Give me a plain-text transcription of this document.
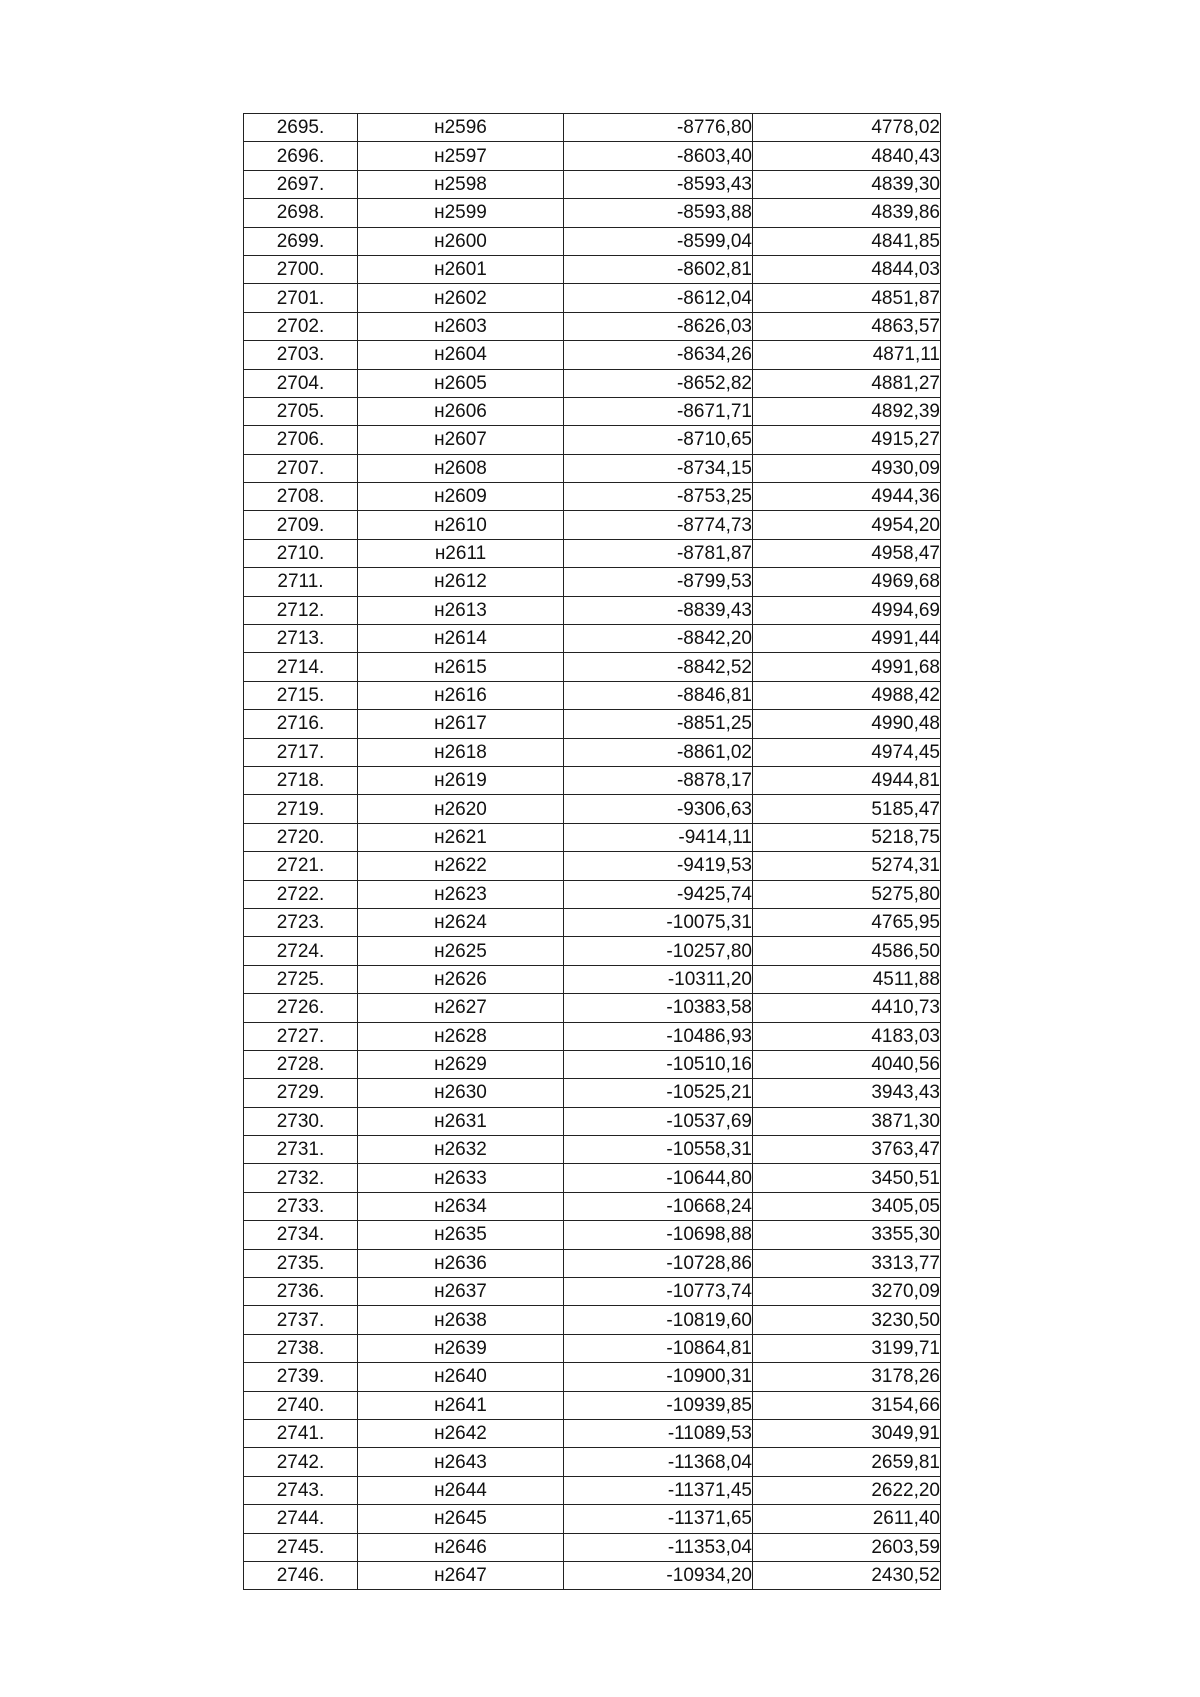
2695.	н2596	-8776,80	4778,02
2696.	н2597	-8603,40	4840,43
2697.	н2598	-8593,43	4839,30
2698.	н2599	-8593,88	4839,86
2699.	н2600	-8599,04	4841,85
2700.	н2601	-8602,81	4844,03
2701.	н2602	-8612,04	4851,87
2702.	н2603	-8626,03	4863,57
2703.	н2604	-8634,26	4871,11
2704.	н2605	-8652,82	4881,27
2705.	н2606	-8671,71	4892,39
2706.	н2607	-8710,65	4915,27
2707.	н2608	-8734,15	4930,09
2708.	н2609	-8753,25	4944,36
2709.	н2610	-8774,73	4954,20
2710.	н2611	-8781,87	4958,47
2711.	н2612	-8799,53	4969,68
2712.	н2613	-8839,43	4994,69
2713.	н2614	-8842,20	4991,44
2714.	н2615	-8842,52	4991,68
2715.	н2616	-8846,81	4988,42
2716.	н2617	-8851,25	4990,48
2717.	н2618	-8861,02	4974,45
2718.	н2619	-8878,17	4944,81
2719.	н2620	-9306,63	5185,47
2720.	н2621	-9414,11	5218,75
2721.	н2622	-9419,53	5274,31
2722.	н2623	-9425,74	5275,80
2723.	н2624	-10075,31	4765,95
2724.	н2625	-10257,80	4586,50
2725.	н2626	-10311,20	4511,88
2726.	н2627	-10383,58	4410,73
2727.	н2628	-10486,93	4183,03
2728.	н2629	-10510,16	4040,56
2729.	н2630	-10525,21	3943,43
2730.	н2631	-10537,69	3871,30
2731.	н2632	-10558,31	3763,47
2732.	н2633	-10644,80	3450,51
2733.	н2634	-10668,24	3405,05
2734.	н2635	-10698,88	3355,30
2735.	н2636	-10728,86	3313,77
2736.	н2637	-10773,74	3270,09
2737.	н2638	-10819,60	3230,50
2738.	н2639	-10864,81	3199,71
2739.	н2640	-10900,31	3178,26
2740.	н2641	-10939,85	3154,66
2741.	н2642	-11089,53	3049,91
2742.	н2643	-11368,04	2659,81
2743.	н2644	-11371,45	2622,20
2744.	н2645	-11371,65	2611,40
2745.	н2646	-11353,04	2603,59
2746.	н2647	-10934,20	2430,52
